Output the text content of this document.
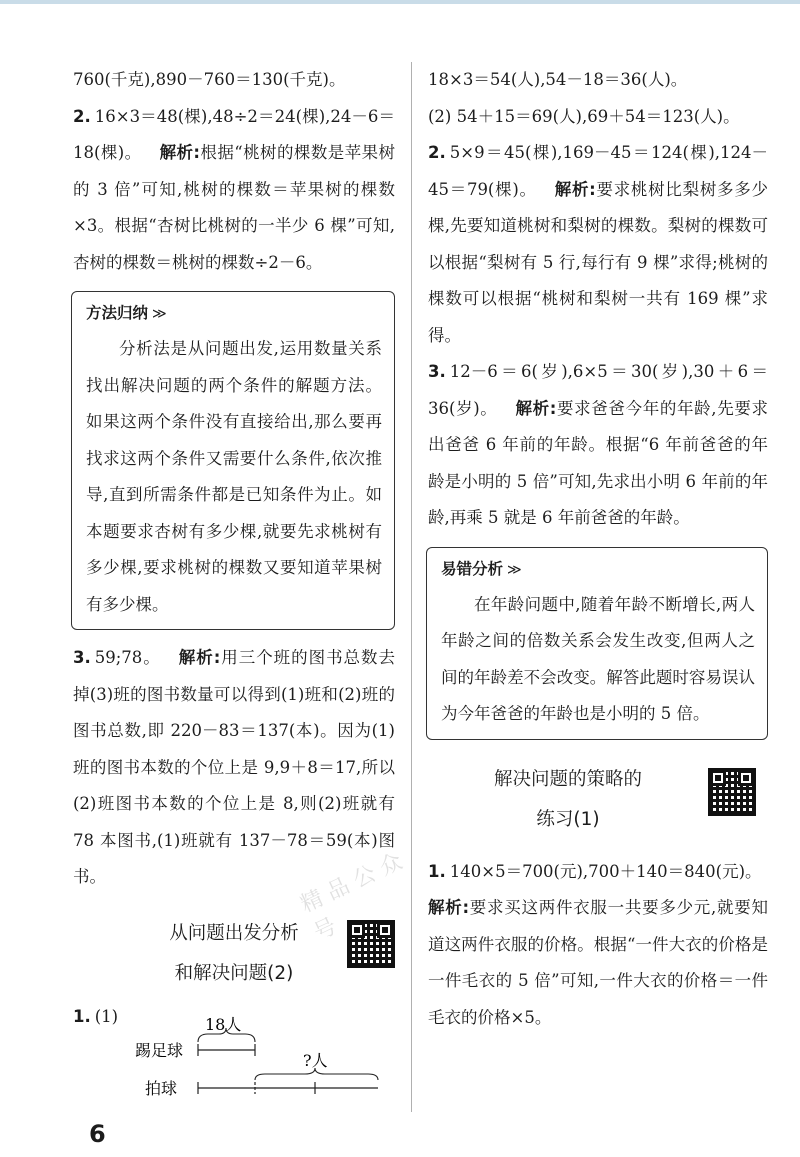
760(千克),890－760＝130(千克)。

2. 16×3＝48(棵),48÷2＝24(棵),24－6＝18(棵)。 解析:根据“桃树的棵数是苹果树的 3 倍”可知,桃树的棵数＝苹果树的棵数×3。根据“杏树比桃树的一半少 6 棵”可知,杏树的棵数＝桃树的棵数÷2－6。

方法归纳 ≫

分析法是从问题出发,运用数量关系找出解决问题的两个条件的解题方法。如果这两个条件没有直接给出,那么要再找求这两个条件又需要什么条件,依次推导,直到所需条件都是已知条件为止。如本题要求杏树有多少棵,就要先求桃树有多少棵,要求桃树的棵数又要知道苹果树有多少棵。

3. 59;78。 解析:用三个班的图书总数去掉(3)班的图书数量可以得到(1)班和(2)班的图书总数,即 220－83＝137(本)。因为(1)班的图书本数的个位上是 9,9＋8＝17,所以(2)班图书本数的个位上是 8,则(2)班就有 78 本图书,(1)班就有 137－78＝59(本)图书。

从问题出发分析
和解决问题(2)
1. (1)
踢足球
拍球
18人
?人

18×3＝54(人),54－18＝36(人)。

(2) 54＋15＝69(人),69＋54＝123(人)。

2. 5×9＝45(棵),169－45＝124(棵),124－45＝79(棵)。 解析:要求桃树比梨树多多少棵,先要知道桃树和梨树的棵数。梨树的棵数可以根据“梨树有 5 行,每行有 9 棵”求得;桃树的棵数可以根据“桃树和梨树一共有 169 棵”求得。

3. 12－6＝6(岁),6×5＝30(岁),30＋6＝36(岁)。 解析:要求爸爸今年的年龄,先要求出爸爸 6 年前的年龄。根据“6 年前爸爸的年龄是小明的 5 倍”可知,先求出小明 6 年前的年龄,再乘 5 就是 6 年前爸爸的年龄。

易错分析 ≫

在年龄问题中,随着年龄不断增长,两人年龄之间的倍数关系会发生改变,但两人之间的年龄差不会改变。解答此题时容易误认为今年爸爸的年龄也是小明的 5 倍。

解决问题的策略的
练习(1)

1. 140×5＝700(元),700＋140＝840(元)。

解析:要求买这两件衣服一共要多少元,就要知道这两件衣服的价格。根据“一件大衣的价格是一件毛衣的 5 倍”可知,一件大衣的价格＝一件毛衣的价格×5。

精 品 公 众 号
6
